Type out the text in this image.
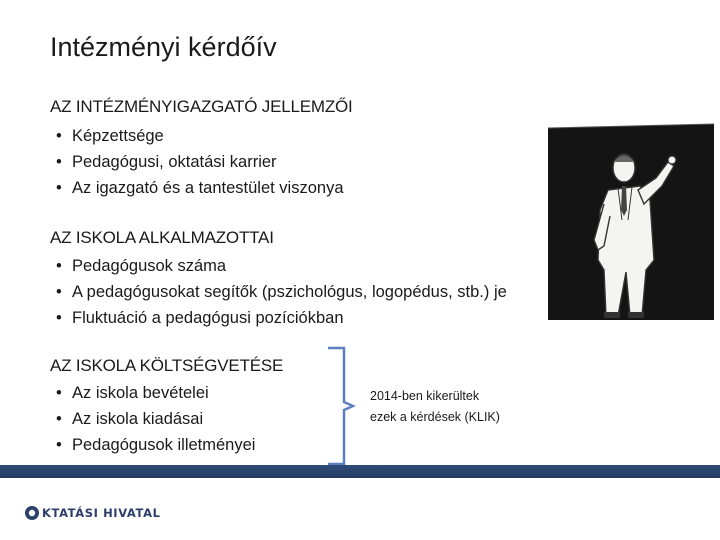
Intézményi kérdőív
AZ INTÉZMÉNYIGAZGATÓ JELLEMZŐI
• Képzettsége
• Pedagógusi, oktatási karrier
• Az igazgató és a tantestület viszonya
AZ ISKOLA ALKALMAZOTTAI
• Pedagógusok száma
• A pedagógusokat segítők (pszichológus, logopédus, stb.) je
• Fluktuáció a pedagógusi pozíciókban
AZ ISKOLA KÖLTSÉGVETÉSE
• Az iskola bevételei
• Az iskola kiadásai
• Pedagógusok illetményei
2014-ben kikerültek
ezek a kérdések (KLIK)
KTATÁSI HIVATAL
